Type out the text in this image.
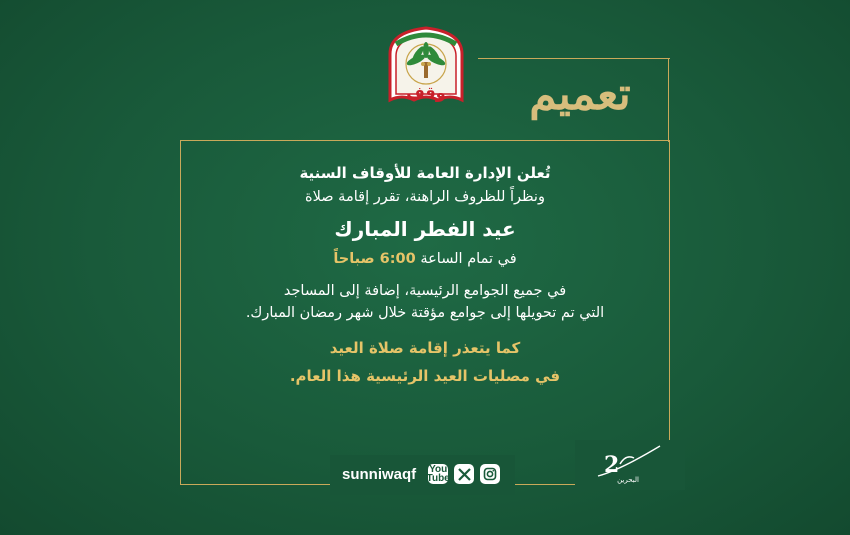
وقف	تعميم
تُعلن الإدارة العامة للأوقاف السنية
ونظراً للظروف الراهنة، تقرر إقامة صلاة
عيد الفطر المبارك
في تمام الساعة 6:00 صباحاً
في جميع الجوامع الرئيسية، إضافة إلى المساجد
التي تم تحويلها إلى جوامع مؤقتة خلال شهر رمضان المبارك.
كما يتعذر إقامة صلاة العيد
في مصليات العيد الرئيسية هذا العام.
sunniwaqf You
Tube
2
البحرين
